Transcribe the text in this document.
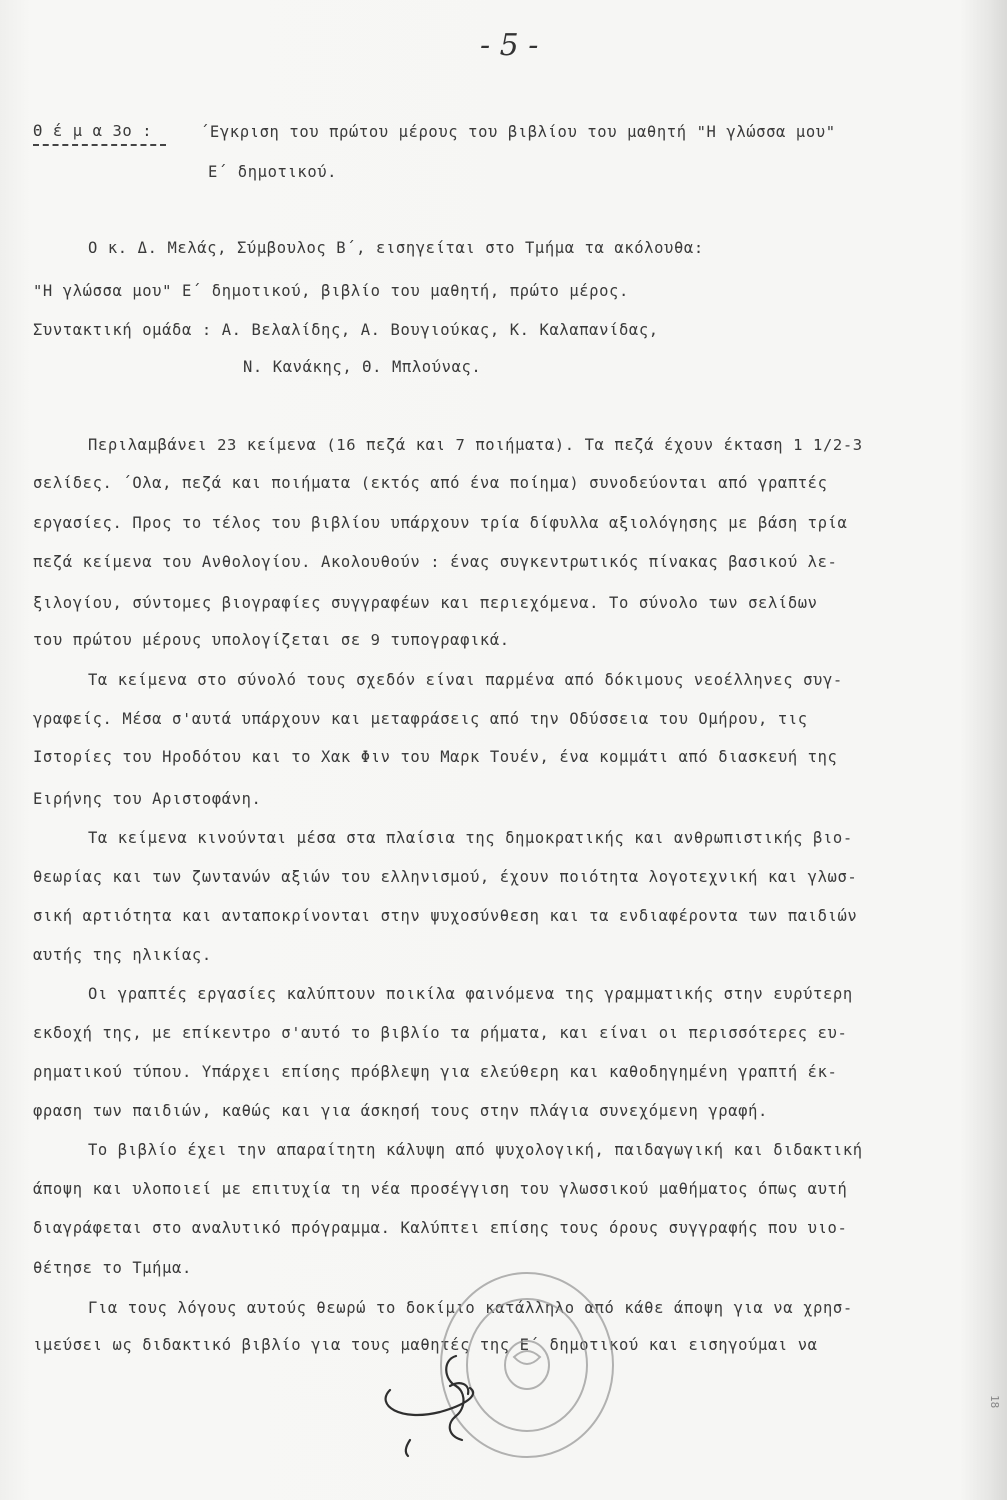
- 5 -
Θ έ μ α 3ο :	΄Εγκριση του πρώτου μέρους του βιβλίου του μαθητή "Η γλώσσα μου"
Ε΄ δημοτικού.
Ο κ. Δ. Μελάς, Σύμβουλος Β΄, εισηγείται στο Τμήμα τα ακόλουθα:
"Η γλώσσα μου" Ε΄ δημοτικού, βιβλίο του μαθητή, πρώτο μέρος.
Συντακτική ομάδα : Α. Βελαλίδης, Α. Βουγιούκας, Κ. Καλαπανίδας,
Ν. Κανάκης, Θ. Μπλούνας.
Περιλαμβάνει 23 κείμενα (16 πεζά και 7 ποιήματα). Τα πεζά έχουν έκταση 1 1/2-3
σελίδες. ΄Ολα, πεζά και ποιήματα (εκτός από ένα ποίημα) συνοδεύονται από γραπτές
εργασίες. Προς το τέλος του βιβλίου υπάρχουν τρία δίφυλλα αξιολόγησης με βάση τρία
πεζά κείμενα του Ανθολογίου. Ακολουθούν : ένας συγκεντρωτικός πίνακας βασικού λε-
ξιλογίου, σύντομες βιογραφίες συγγραφέων και περιεχόμενα. Το σύνολο των σελίδων
του πρώτου μέρους υπολογίζεται σε 9 τυπογραφικά.
Τα κείμενα στο σύνολό τους σχεδόν είναι παρμένα από δόκιμους νεοέλληνες συγ-
γραφείς. Μέσα σ'αυτά υπάρχουν και μεταφράσεις από την Οδύσσεια του Ομήρου, τις
Ιστορίες του Ηροδότου και το Χακ Φιν του Μαρκ Τουέν, ένα κομμάτι από διασκευή της
Ειρήνης του Αριστοφάνη.
Τα κείμενα κινούνται μέσα στα πλαίσια της δημοκρατικής και ανθρωπιστικής βιο-
θεωρίας και των ζωντανών αξιών του ελληνισμού, έχουν ποιότητα λογοτεχνική και γλωσ-
σική αρτιότητα και ανταποκρίνονται στην ψυχοσύνθεση και τα ενδιαφέροντα των παιδιών
αυτής της ηλικίας.
Οι γραπτές εργασίες καλύπτουν ποικίλα φαινόμενα της γραμματικής στην ευρύτερη
εκδοχή της, με επίκεντρο σ'αυτό το βιβλίο τα ρήματα, και είναι οι περισσότερες ευ-
ρηματικού τύπου. Υπάρχει επίσης πρόβλεψη για ελεύθερη και καθοδηγημένη γραπτή έκ-
φραση των παιδιών, καθώς και για άσκησή τους στην πλάγια συνεχόμενη γραφή.
Το βιβλίο έχει την απαραίτητη κάλυψη από ψυχολογική, παιδαγωγική και διδακτική
άποψη και υλοποιεί με επιτυχία τη νέα προσέγγιση του γλωσσικού μαθήματος όπως αυτή
διαγράφεται στο αναλυτικό πρόγραμμα. Καλύπτει επίσης τους όρους συγγραφής που υιο-
θέτησε το Τμήμα.
Για τους λόγους αυτούς θεωρώ το δοκίμιο κατάλληλο από κάθε άποψη για να χρησ-
ιμεύσει ως διδακτικό βιβλίο για τους μαθητές της Ε΄ δημοτικού και εισηγούμαι να
18
